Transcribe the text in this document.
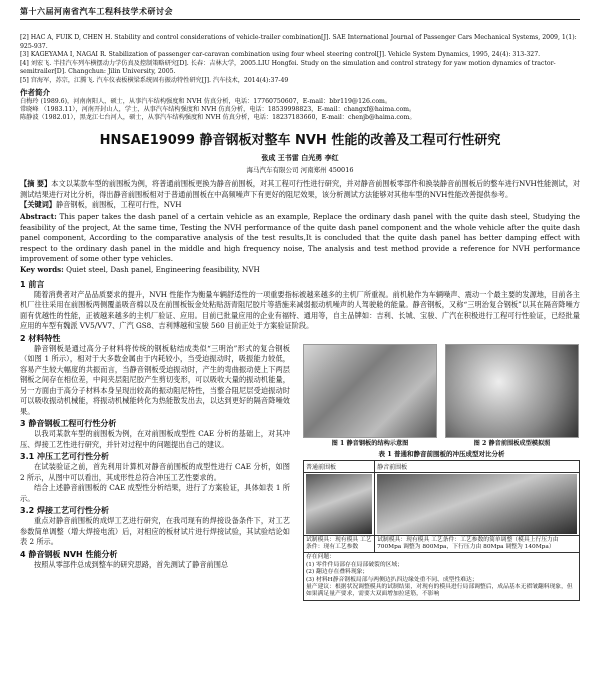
第十六届河南省汽车工程科技学术研讨会

[2] HAC A, FUIK D, CHEN H. Stability and control considerations of vehicle-trailer combination[J]. SAE International Journal of Passenger Cars Mechanical Systems, 2009, 1(1): 925-937.

[3] KAGEYAMA I, NAGAI R. Stabilization of passenger car-caravan combination using four wheel steering control[J]. Vehicle System Dynamics, 1995, 24(4): 313-327.

[4] 刘宏飞. 半挂汽车列车横摆动力学仿真及控制策略研究[D]. 长春：吉林大学，2005.LIU Hongfei. Study on the simulation and control strategy for yaw motion dynamics of tractor-semitrailer[D]. Changchun: Jilin University, 2005.

[5] 宫海军，苏宗，江腾飞. 汽车仪表板横梁系统固有振动特性研究[J]. 汽车技术，2014(4):37-49

作者简介

白梅玲 (1989.6)，河南南阳人，硕士，从事汽车结构强度和 NVH 仿真分析，电话：17760750607，E-mail：bbr119@126.com。

常晓峰 （1983.11），河南开封山人，学士，从事汽车结构强度和 NVH 仿真分析，电话：18539998823，E-mail：changxf@haima.com。

陈静波（1982.01），黑龙江七台河人，硕士，从事汽车结构强度和 NVH 仿真分析，电话：18237183660，E-mail：chenjb@haima.com。

HNSAE19099 静音钢板对整车 NVH 性能的改善及工程可行性研究
张成 王书雷 白光勇 李红
海马汽车有限公司 河南郑州 450016
【摘 要】本文以某款车型的前围板为例，将普通前围板更换为静音前围板，对其工程可行性进行研究，并对静音前围板零部件和换装静音前围板后的整车进行NVH性能测试，对测试结果进行对比分析，得出静音前围板相对于普通前围板在中高频噪声下有更好的阻尼效果，该分析测试方法能够对其他车型的NVH性能改善提供参考。
【关键词】静音钢板，前围板，工程可行性，NVH
Abstract: This paper takes the dash panel of a certain vehicle as an example, Replace the ordinary dash panel with the quite dash steel, Studying the feasibility of the project, At the same time, Testing the NVH performance of the quite dash panel component and the whole vehicle after the quite dash panel component, According to the comparative analysis of the test results,It is concluded that the quite dash panel has better damping effect with respect to the ordinary dash panel in the middle and high frequency noise, The analysis and test method provide a reference for NVH performance improvement of some other type vehicles.
Key words: Quiet steel, Dash panel, Engineering feasibility, NVH
1 前言

随着消费者对产品品质要求的提升，NVH 性能作为衡量车辆舒适性的一项重要指标被越来越多的主机厂所重视。前机舱作为车辆噪声、震动一个最主要的发源地，目前各主机厂往往采用在前围板两侧覆盖吸音棉以及在前围板钣金处粘贴沥青阻尼胶片等措施来减弱振动机噪声的人驾驶舱的能量。静音钢板，又称“三明治复合钢板”以其在隔音降噪方面有优越性的性能，正被越来越多的主机厂验证、应用。目前已批量应用的企业有福特、通用等，自主品牌如：吉利、长城、宝骏、广汽在积极进行工程可行性验证，已经批量应用的车型有魏派 VV5/VV7、广汽 GS8、吉利博越和宝骏 560 目前正处于方案验证阶段。

2 材料特性

静音钢板是通过高分子材料将传统的钢板粘结成类似“三明治”形式的复合钢板（如图 1 所示），相对于大多数金属由于内耗较小，当受迫振动时，吸振能力较低，容易产生较大幅度的共振而言，当静音钢板受迫振动时，产生的弯曲振动使上下两层钢板之间存在相位差，中间夹层阻尼胶产生剪切变形，可以吸收大量的振动机能量，另一方面由于高分子材料本身呈现出较高的振动阻尼特性，当整合阻尼层受迫振动时可以吸收振动机械能，将振动机械能转化为热能散发出去，以达到更好的隔音降噪效果。

3 静音钢板工程可行性分析

以我司某款车型的前围板为例，在对前围板成型性 CAE 分析的基础上，对其冲压、焊接工艺性进行研究，并针对过程中的问题提出自己的建议。

3.1 冲压工艺可行性分析

在试装验证之前，首先利用计算机对静音前围板的成型性进行 CAE 分析，如图 2 所示，从图中可以看出，其成形性总符合冲压工艺性要求的。

结合上述静音前围板的 CAE 成型性分析结果，进行了方案验证，具体如表 1 所示。

3.2 焊接工艺可行性分析

重点对静音前围板的成焊工艺进行研究，在我司现有的焊接设备条件下，对工艺参数简单调整（增大焊接电流）后，对相应的板材试片进行焊接试验，其试验结论如表 2 所示。

4 静音钢板 NVH 性能分析

按照从零部件总成到整车的研究思路，首先测试了静音前围总

图 1 静音钢板的结构示意图	图 2 静音前围板成型模拟照
表 1 普通和静音前围板的冲压成型对比分析
普通前围板	静音前围板

试制模具：现有模具 工艺条件：现有工艺参数	试制模具：现有模具 工艺条件：工艺参数的简单调整（模具上行压力由 700Mpa 调整为 800Mpa，下行压力由 80Mpa 调整为 140Mpa）

存在问题：
(1) 零件件局部存在局部破裂的区域；
(2) 翻边存在叠料现象；
(3) 材料H静音钢板局部与两侧边扒四边缘处重不同、成型性难达；
量产建议：根据状况调整模具的试制结果，对现有的模具进行局部调整后，成品基本无褶皱翻料现象，但如果满足量产要求，需要大双面增加拉延筋，不影响	
